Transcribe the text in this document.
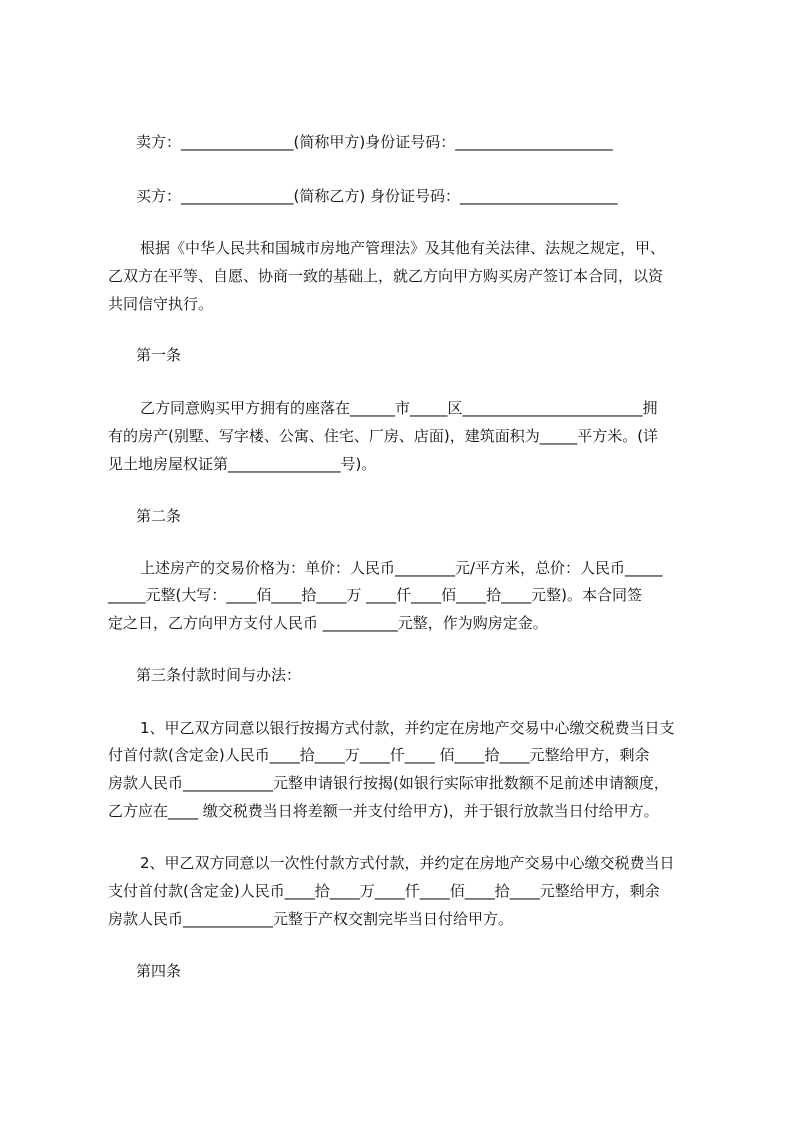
卖方：_______________(简称甲方)身份证号码：_____________________

买方：_______________(简称乙方) 身份证号码：_____________________

根据《中华人民共和国城市房地产管理法》及其他有关法律、法规之规定，甲、

乙双方在平等、自愿、协商一致的基础上，就乙方向甲方购买房产签订本合同，以资

共同信守执行。

第一条

乙方同意购买甲方拥有的座落在______市_____区________________________拥

有的房产(别墅、写字楼、公寓、住宅、厂房、店面)，建筑面积为_____平方米。(详

见土地房屋权证第_______________号)。

第二条

上述房产的交易价格为：单价：人民币________元/平方米，总价：人民币_____

_____元整(大写：____佰____拾____万 ____仟____佰____拾____元整)。本合同签

定之日，乙方向甲方支付人民币 __________元整，作为购房定金。

第三条付款时间与办法：

1、甲乙双方同意以银行按揭方式付款，并约定在房地产交易中心缴交税费当日支

付首付款(含定金)人民币____拾____万____仟____ 佰____拾____元整给甲方，剩余

房款人民币____________元整申请银行按揭(如银行实际审批数额不足前述申请额度，

乙方应在____ 缴交税费当日将差额一并支付给甲方)，并于银行放款当日付给甲方。

2、甲乙双方同意以一次性付款方式付款，并约定在房地产交易中心缴交税费当日

支付首付款(含定金)人民币____拾____万____仟____佰____拾____元整给甲方，剩余

房款人民币____________元整于产权交割完毕当日付给甲方。

第四条
